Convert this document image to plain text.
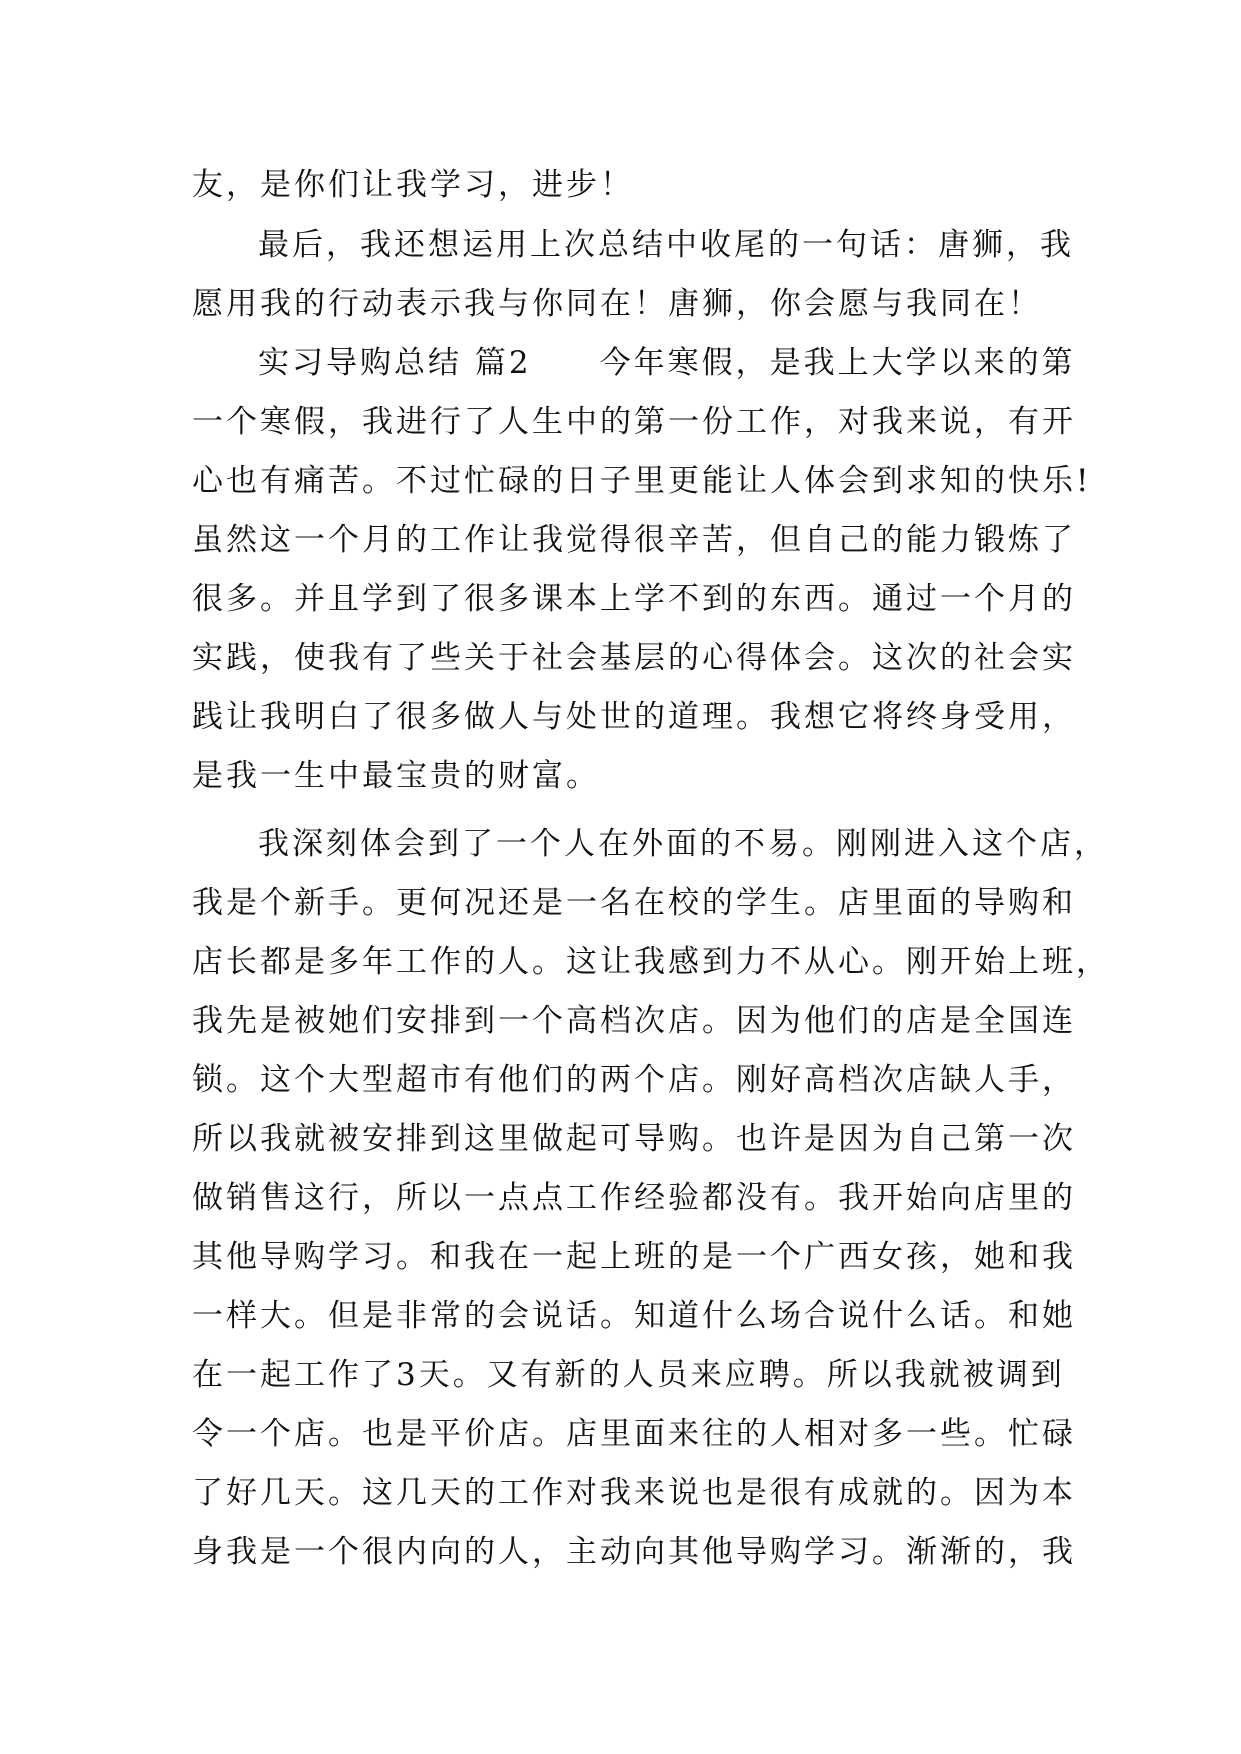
友，是你们让我学习，进步！
最后，我还想运用上次总结中收尾的一句话：唐狮，我
愿用我的行动表示我与你同在！唐狮，你会愿与我同在！
实习导购总结 篇2　　今年寒假，是我上大学以来的第
一个寒假，我进行了人生中的第一份工作，对我来说，有开
心也有痛苦。不过忙碌的日子里更能让人体会到求知的快乐!
虽然这一个月的工作让我觉得很辛苦，但自己的能力锻炼了
很多。并且学到了很多课本上学不到的东西。通过一个月的
实践，使我有了些关于社会基层的心得体会。这次的社会实
践让我明白了很多做人与处世的道理。我想它将终身受用，
是我一生中最宝贵的财富。
我深刻体会到了一个人在外面的不易。刚刚进入这个店，
我是个新手。更何况还是一名在校的学生。店里面的导购和
店长都是多年工作的人。这让我感到力不从心。刚开始上班，
我先是被她们安排到一个高档次店。因为他们的店是全国连
锁。这个大型超市有他们的两个店。刚好高档次店缺人手，
所以我就被安排到这里做起可导购。也许是因为自己第一次
做销售这行，所以一点点工作经验都没有。我开始向店里的
其他导购学习。和我在一起上班的是一个广西女孩，她和我
一样大。但是非常的会说话。知道什么场合说什么话。和她
在一起工作了3天。又有新的人员来应聘。所以我就被调到
令一个店。也是平价店。店里面来往的人相对多一些。忙碌
了好几天。这几天的工作对我来说也是很有成就的。因为本
身我是一个很内向的人，主动向其他导购学习。渐渐的，我
